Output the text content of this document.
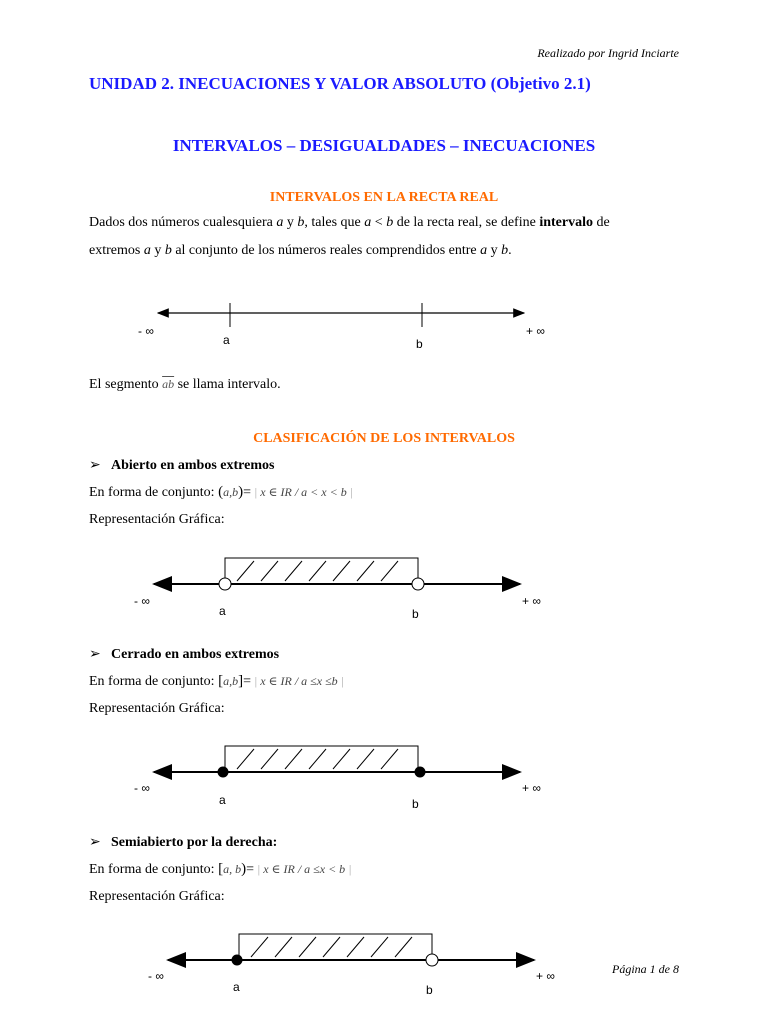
Realizado por Ingrid Inciarte
UNIDAD 2. INECUACIONES Y VALOR ABSOLUTO (Objetivo 2.1)
INTERVALOS – DESIGUALDADES – INECUACIONES
INTERVALOS EN LA RECTA REAL
Dados dos números cualesquiera a y b, tales que a < b de la recta real, se define intervalo de
extremos a y b al conjunto de los números reales comprendidos entre a y b.
- ∞	+ ∞
a	b
El segmento $\overline{ab}$ se llama intervalo.
CLASIFICACIÓN DE LOS INTERVALOS
➢ Abierto en ambos extremos
En forma de conjunto: (a,b)= | x ∈ IR / a < x < b |
Representación Gráfica:
- ∞	+ ∞
a	b
➢ Cerrado en ambos extremos
En forma de conjunto: [a,b]= | x ∈ IR / a ≤x ≤b |
Representación Gráfica:
- ∞	+ ∞
a	b
➢ Semiabierto por la derecha:
En forma de conjunto: [a, b)= | x ∈ IR / a ≤x < b |
Representación Gráfica:
- ∞	+ ∞
a	b
Página 1 de 8
